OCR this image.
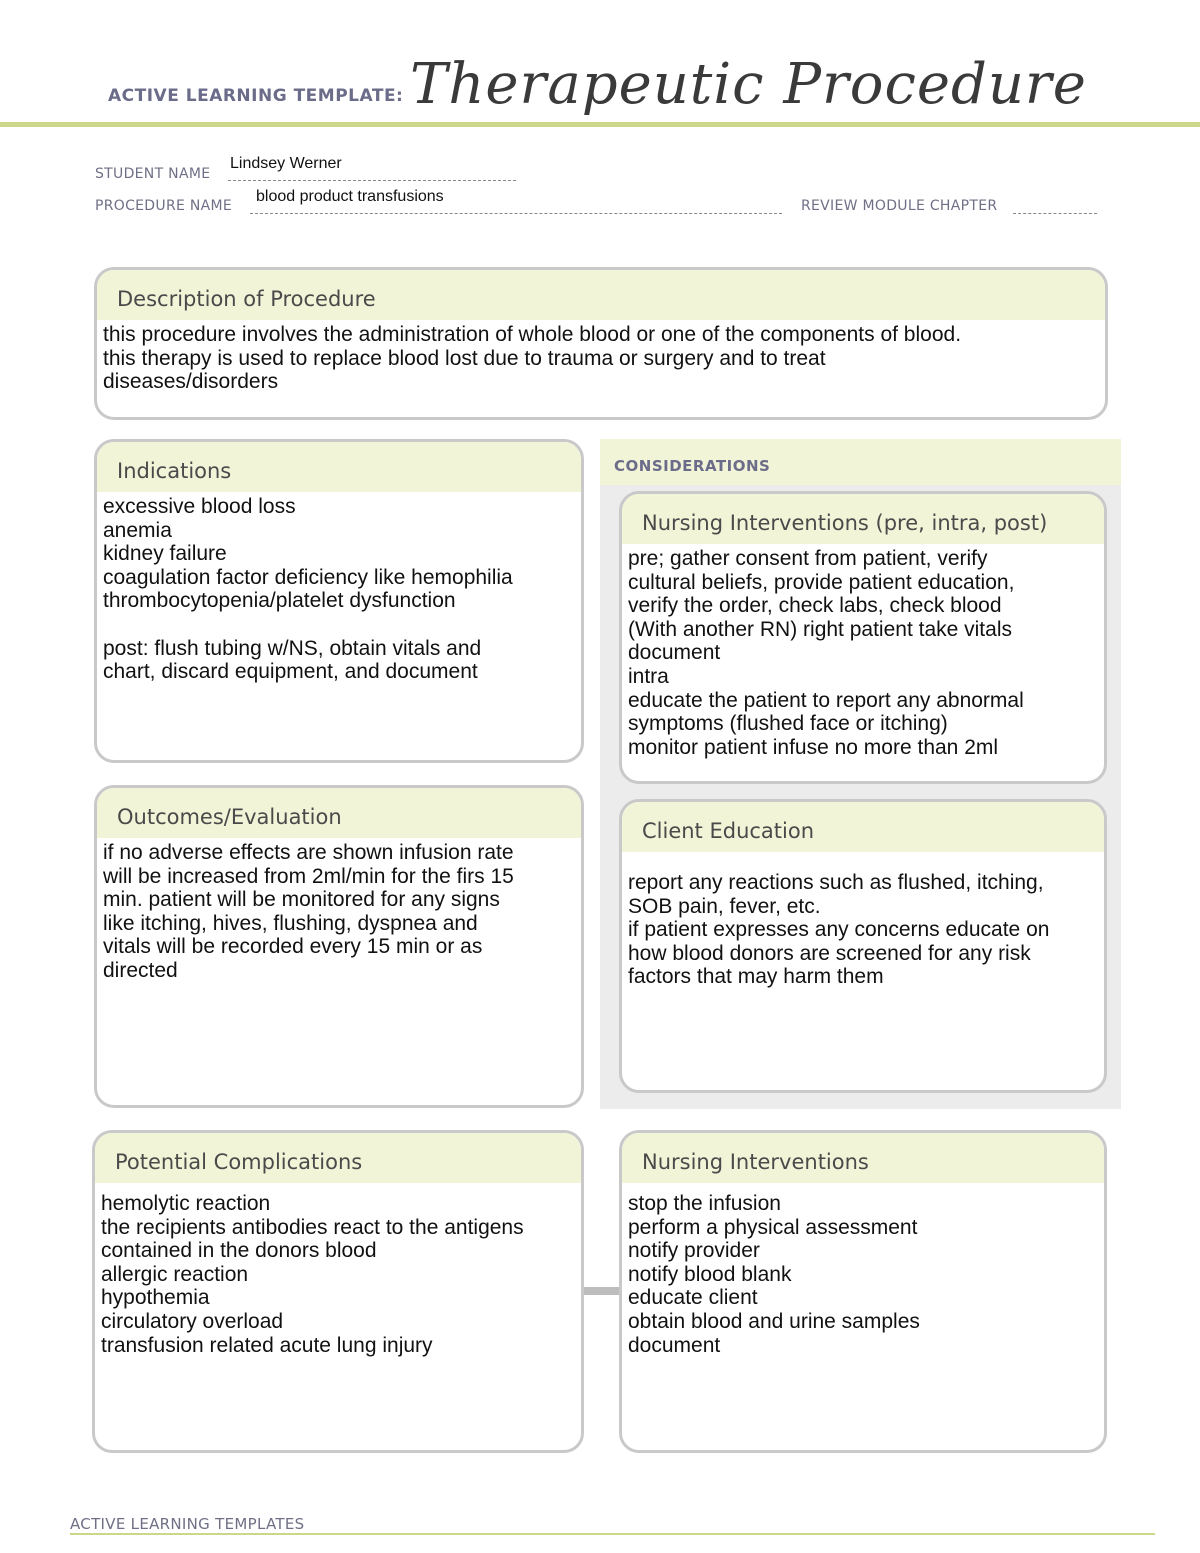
ACTIVE LEARNING TEMPLATE: Therapeutic Procedure
STUDENT NAME
Lindsey Werner
PROCEDURE NAME
blood product transfusions
REVIEW MODULE CHAPTER
Description of Procedure
this procedure involves the administration of whole blood or one of the components of blood.
this therapy is used to replace blood lost due to trauma or surgery and to treat
diseases/disorders
Indications
excessive blood loss
anemia
kidney failure
coagulation factor deficiency like hemophilia
thrombocytopenia/platelet dysfunction

post: flush tubing w/NS, obtain vitals and
chart, discard equipment, and document
Outcomes/Evaluation
if no adverse effects are shown infusion rate
will be increased from 2ml/min for the firs 15
min. patient will be monitored for any signs
like itching, hives, flushing, dyspnea and
vitals will be recorded every 15 min or as
directed
CONSIDERATIONS
Nursing Interventions (pre, intra, post)
pre; gather consent from patient, verify
cultural beliefs, provide patient education,
verify the order, check labs, check blood
(With another RN) right patient take vitals
document
intra
educate the patient to report any abnormal
symptoms (flushed face or itching)
monitor patient infuse no more than 2ml
Client Education
report any reactions such as flushed, itching,
SOB pain, fever, etc.
if patient expresses any concerns educate on
how blood donors are screened for any risk
factors that may harm them
Potential Complications
hemolytic reaction
the recipients antibodies react to the antigens
contained in the donors blood
allergic reaction
hypothemia
circulatory overload
transfusion related acute lung injury
Nursing Interventions
stop the infusion
perform a physical assessment
notify provider
notify blood blank
educate client
obtain blood and urine samples
document
ACTIVE LEARNING TEMPLATES
